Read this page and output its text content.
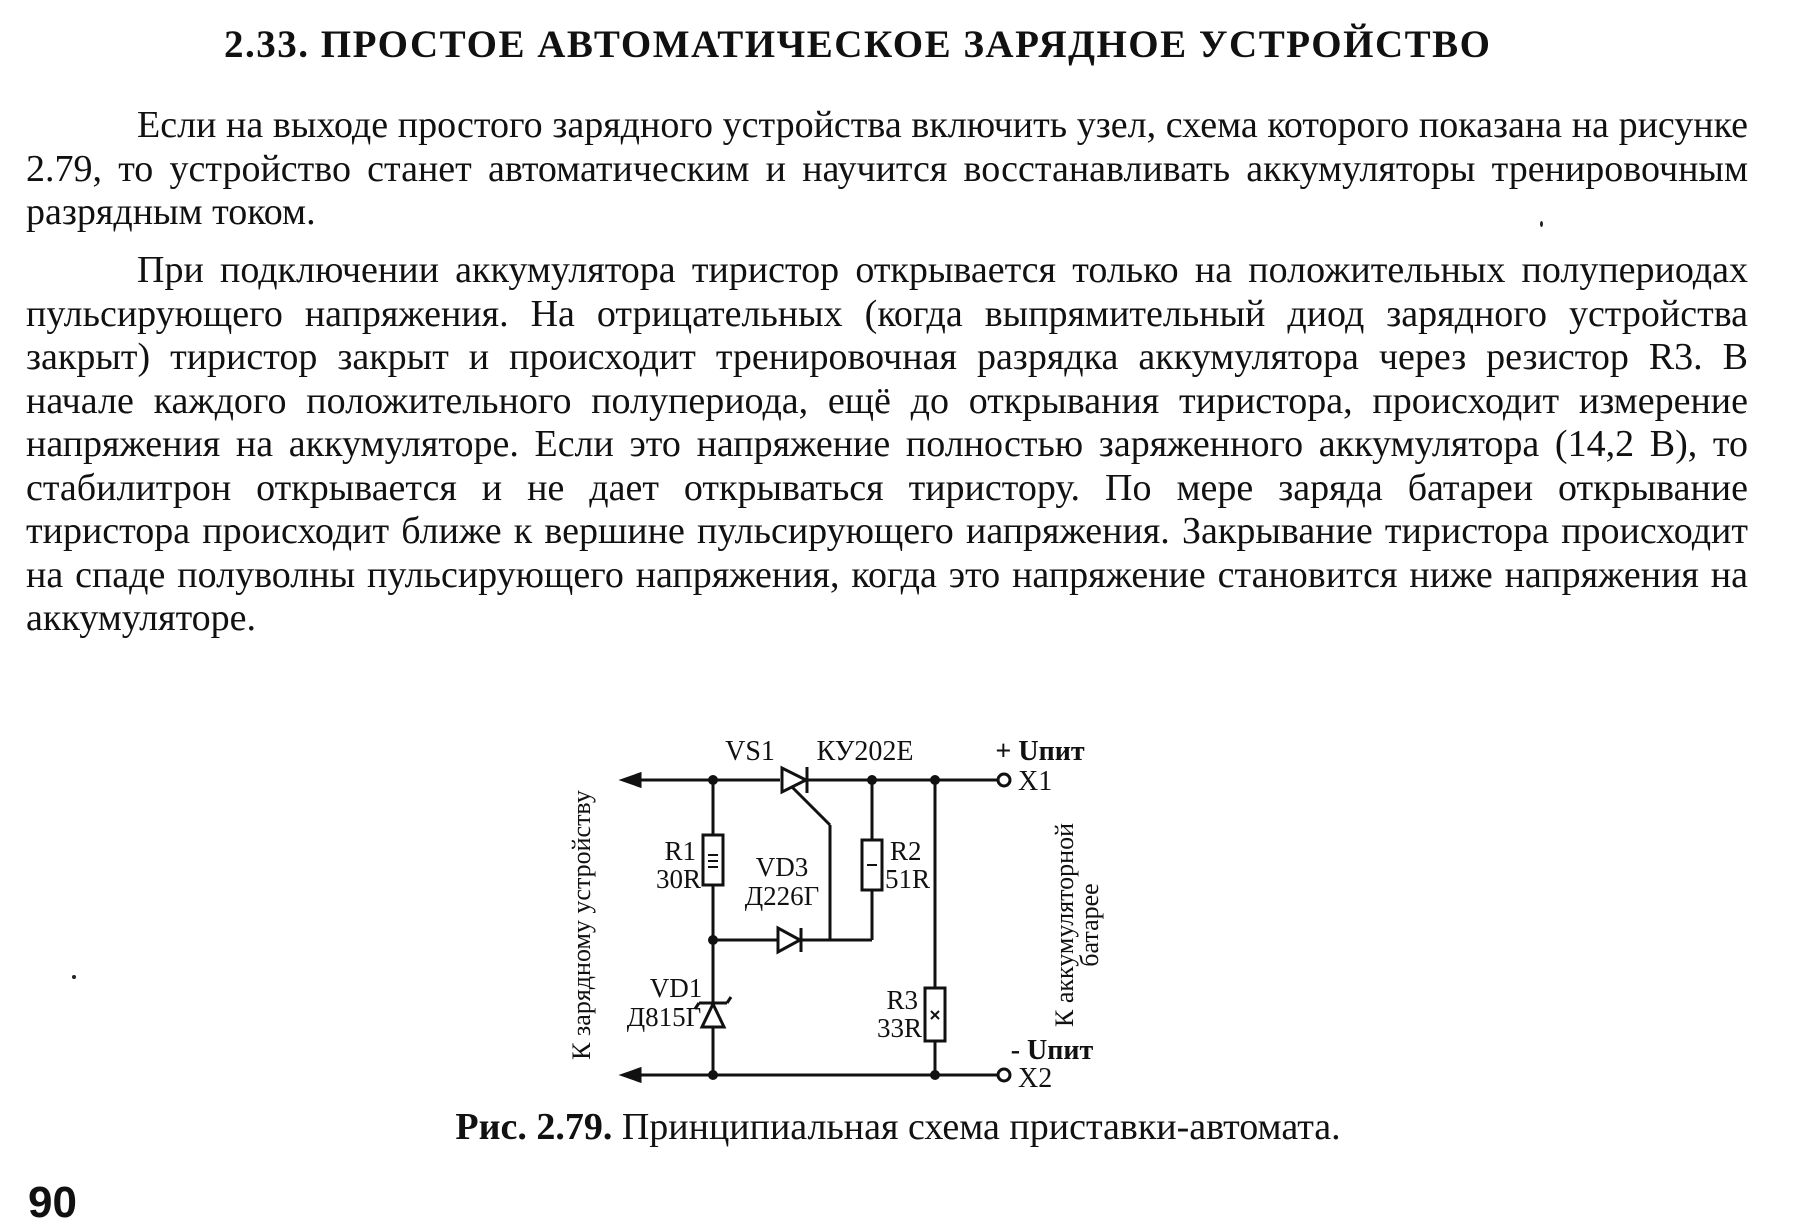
2.33. ПРОСТОЕ АВТОМАТИЧЕСКОЕ ЗАРЯДНОЕ УСТРОЙСТВО

Если на выходе простого зарядного устройства включить узел, схема которого показана на рисунке 2.79, то устройство станет автоматическим и научится восстанавливать аккумуляторы тренировочным разрядным током.

При подключении аккумулятора тиристор открывается только на положительных полупериодах пульсирующего напряжения. На отрицательных (когда выпрямительный диод зарядного устройства закрыт) тиристор закрыт и происходит тренировочная разрядка аккумулятора через резистор R3. В начале каждого положительного полупериода, ещё до открывания тиристора, происходит измерение напряжения на аккумуляторе. Если это напряжение полностью заряженного аккумулятора (14,2 В), то стабилитрон открывается и не дает открываться тиристору. По мере заряда батареи открывание тиристора происходит ближе к вершине пульсирующего иапряжения. Закрывание тиристора происходит на спаде полуволны пульсирующего напряжения, когда это напряжение становится ниже напряжения на аккумуляторе.

VS1 КУ202Е	+ Uпит
X1
- Uпит
X2
R1
30R
R2
51R
R3
33R
VD3
Д226Г
VD1
Д815Г
К зарядному устройству	К аккумуляторной
батарее
Рис. 2.79. Принципиальная схема приставки-автомата.
90
